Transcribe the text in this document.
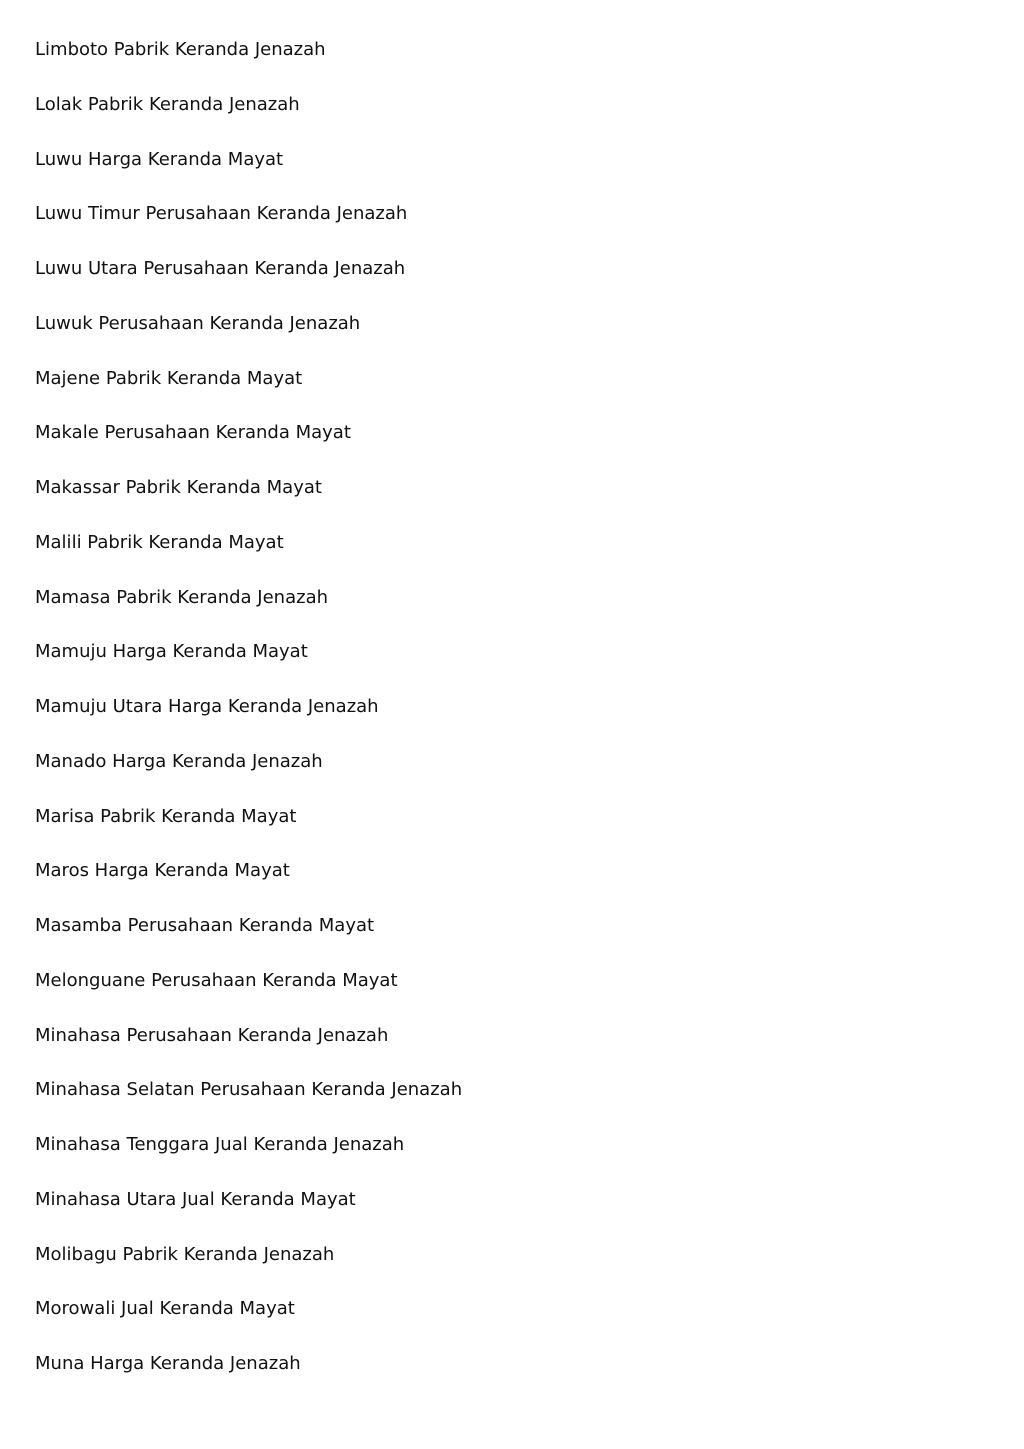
Limboto Pabrik Keranda Jenazah
Lolak Pabrik Keranda Jenazah
Luwu Harga Keranda Mayat
Luwu Timur Perusahaan Keranda Jenazah
Luwu Utara Perusahaan Keranda Jenazah
Luwuk Perusahaan Keranda Jenazah
Majene Pabrik Keranda Mayat
Makale Perusahaan Keranda Mayat
Makassar Pabrik Keranda Mayat
Malili Pabrik Keranda Mayat
Mamasa Pabrik Keranda Jenazah
Mamuju Harga Keranda Mayat
Mamuju Utara Harga Keranda Jenazah
Manado Harga Keranda Jenazah
Marisa Pabrik Keranda Mayat
Maros Harga Keranda Mayat
Masamba Perusahaan Keranda Mayat
Melonguane Perusahaan Keranda Mayat
Minahasa Perusahaan Keranda Jenazah
Minahasa Selatan Perusahaan Keranda Jenazah
Minahasa Tenggara Jual Keranda Jenazah
Minahasa Utara Jual Keranda Mayat
Molibagu Pabrik Keranda Jenazah
Morowali Jual Keranda Mayat
Muna Harga Keranda Jenazah
